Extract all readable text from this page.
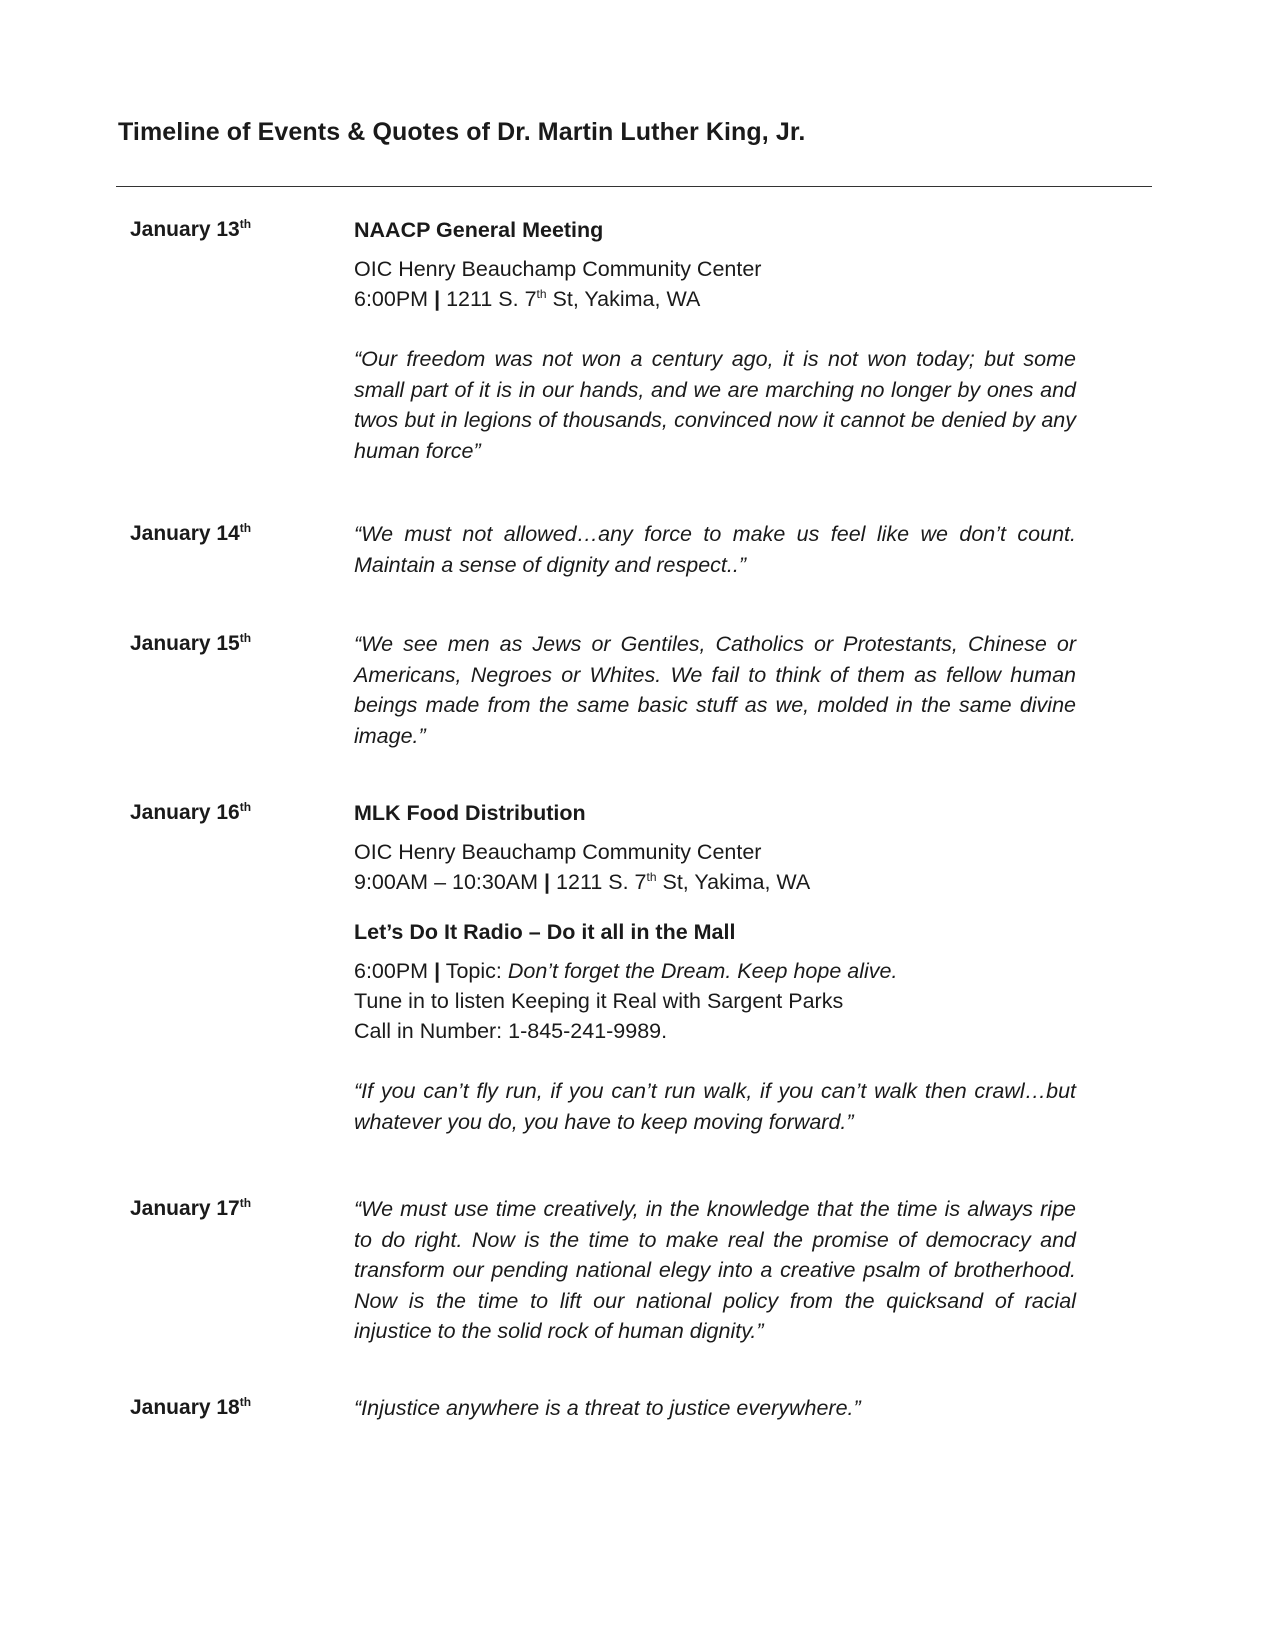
Timeline of Events & Quotes of Dr. Martin Luther King, Jr.
January 13th	NAACP General Meeting

OIC Henry Beauchamp Community Center

6:00PM | 1211 S. 7th St, Yakima, WA

“Our freedom was not won a century ago, it is not won today; but some small part of it is in our hands, and we are marching no longer by ones and twos but in legions of thousands, convinced now it cannot be denied by any human force”

January 14th	“We must not allowed…any force to make us feel like we don’t count. Maintain a sense of dignity and respect..”

January 15th	“We see men as Jews or Gentiles, Catholics or Protestants, Chinese or Americans, Negroes or Whites. We fail to think of them as fellow human beings made from the same basic stuff as we, molded in the same divine image.”

January 16th	MLK Food Distribution

OIC Henry Beauchamp Community Center

9:00AM – 10:30AM | 1211 S. 7th St, Yakima, WA

Let’s Do It Radio – Do it all in the Mall

6:00PM | Topic: Don’t forget the Dream. Keep hope alive.

Tune in to listen Keeping it Real with Sargent Parks

Call in Number: 1-845-241-9989.

“If you can’t fly run, if you can’t run walk, if you can’t walk then crawl…but whatever you do, you have to keep moving forward.”

January 17th	“We must use time creatively, in the knowledge that the time is always ripe to do right. Now is the time to make real the promise of democracy and transform our pending national elegy into a creative psalm of brotherhood. Now is the time to lift our national policy from the quicksand of racial injustice to the solid rock of human dignity.”

January 18th	“Injustice anywhere is a threat to justice everywhere.”
